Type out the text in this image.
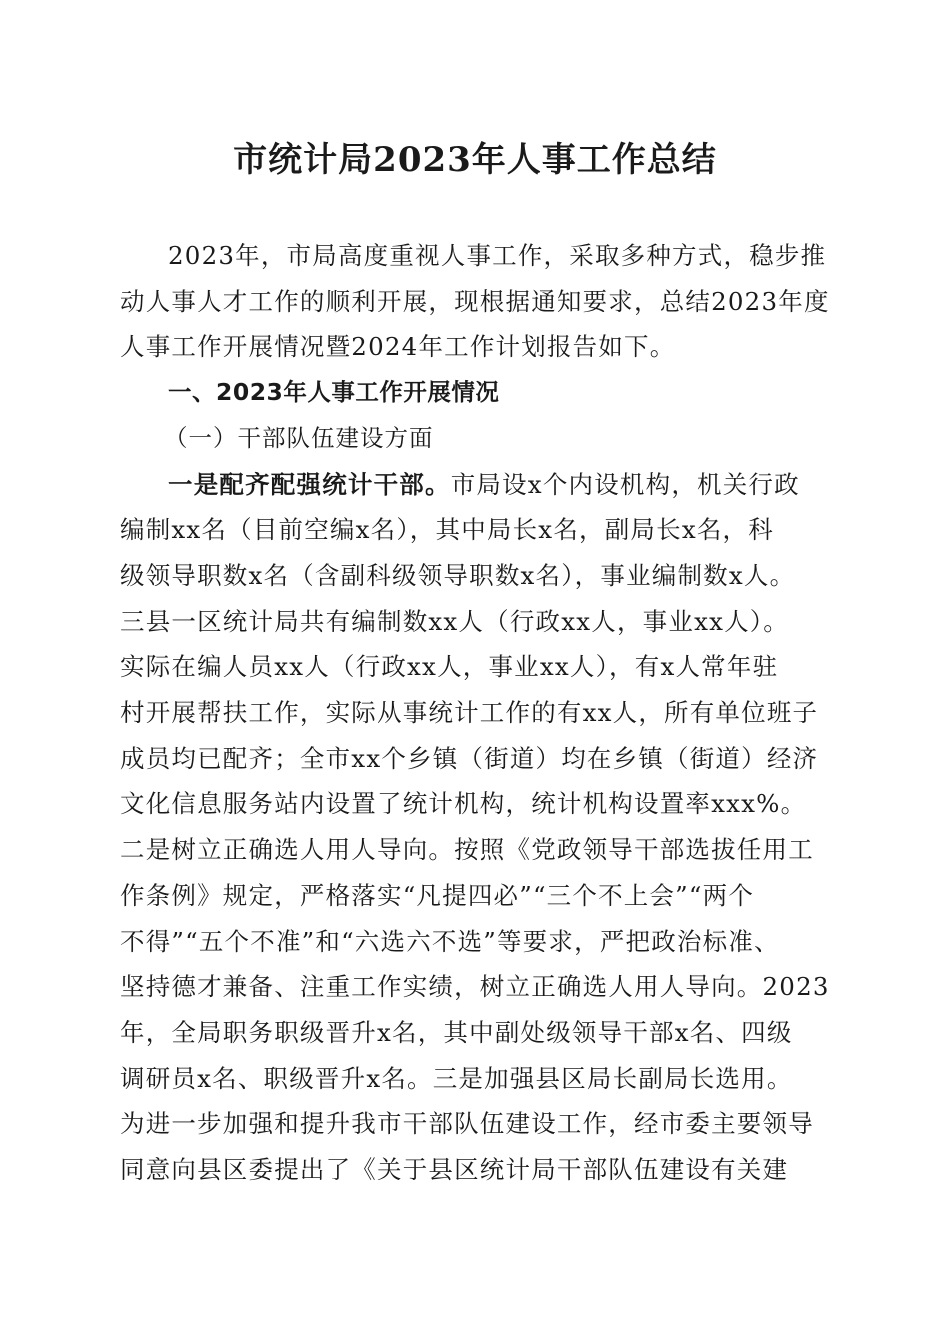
市统计局2023年人事工作总结
2023年，市局高度重视人事工作，采取多种方式，稳步推
动人事人才工作的顺利开展，现根据通知要求，总结2023年度
人事工作开展情况暨2024年工作计划报告如下。
一、2023年人事工作开展情况
（一）干部队伍建设方面
一是配齐配强统计干部。市局设x个内设机构，机关行政
编制xx名（目前空编x名），其中局长x名，副局长x名，科
级领导职数x名（含副科级领导职数x名），事业编制数x人。
三县一区统计局共有编制数xx人（行政xx人，事业xx人）。
实际在编人员xx人（行政xx人，事业xx人），有x人常年驻
村开展帮扶工作，实际从事统计工作的有xx人，所有单位班子
成员均已配齐；全市xx个乡镇（街道）均在乡镇（街道）经济
文化信息服务站内设置了统计机构，统计机构设置率xxx%。
二是树立正确选人用人导向。按照《党政领导干部选拔任用工
作条例》规定，严格落实“凡提四必”“三个不上会”“两个
不得”“五个不准”和“六选六不选”等要求，严把政治标准、
坚持德才兼备、注重工作实绩，树立正确选人用人导向。2023
年，全局职务职级晋升x名，其中副处级领导干部x名、四级
调研员x名、职级晋升x名。三是加强县区局长副局长选用。
为进一步加强和提升我市干部队伍建设工作，经市委主要领导
同意向县区委提出了《关于县区统计局干部队伍建设有关建
